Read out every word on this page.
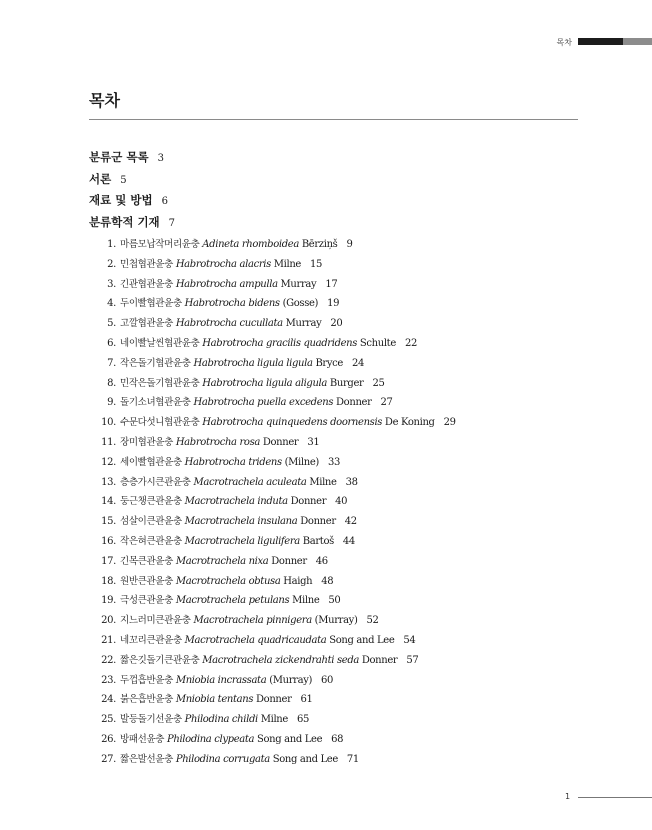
목차
목차
분류군 목록 3
서론 5
재료 및 방법 6
분류학적 기재 7
1. 마름모납작머리윤충 Adineta rhomboidea Bērziņš 9
2. 민첩협관윤충 Habrotrocha alacris Milne 15
3. 긴관협관윤충 Habrotrocha ampulla Murray 17
4. 두이빨협관윤충 Habrotrocha bidens (Gosse) 19
5. 고깔협관윤충 Habrotrocha cucullata Murray 20
6. 네이빨날씬협관윤충 Habrotrocha gracilis quadridens Schulte 22
7. 작은돌기협관윤충 Habrotrocha ligula ligula Bryce 24
8. 민작은돌기협관윤충 Habrotrocha ligula aligula Burger 25
9. 돌기소녀협관윤충 Habrotrocha puella excedens Donner 27
10. 수문다섯니협관윤충 Habrotrocha quinquedens doornensis De Koning 29
11. 장미협관윤충 Habrotrocha rosa Donner 31
12. 세이빨협관윤충 Habrotrocha tridens (Milne) 33
13. 층층가시큰관윤충 Macrotrachela aculeata Milne 38
14. 둥근챙큰관윤충 Macrotrachela induta Donner 40
15. 섬살이큰관윤충 Macrotrachela insulana Donner 42
16. 작은혀큰관윤충 Macrotrachela ligulifera Bartoš 44
17. 긴목큰관윤충 Macrotrachela nixa Donner 46
18. 원반큰관윤충 Macrotrachela obtusa Haigh 48
19. 극성큰관윤충 Macrotrachela petulans Milne 50
20. 지느러미큰관윤충 Macrotrachela pinnigera (Murray) 52
21. 네꼬리큰관윤충 Macrotrachela quadricaudata Song and Lee 54
22. 짧은깃돌기큰관윤충 Macrotrachela zickendrahti seda Donner 57
23. 두껍흡반윤충 Mniobia incrassata (Murray) 60
24. 붉은흡반윤충 Mniobia tentans Donner 61
25. 발등돌기선윤충 Philodina childi Milne 65
26. 방패선윤충 Philodina clypeata Song and Lee 68
27. 짧은발선윤충 Philodina corrugata Song and Lee 71
1
